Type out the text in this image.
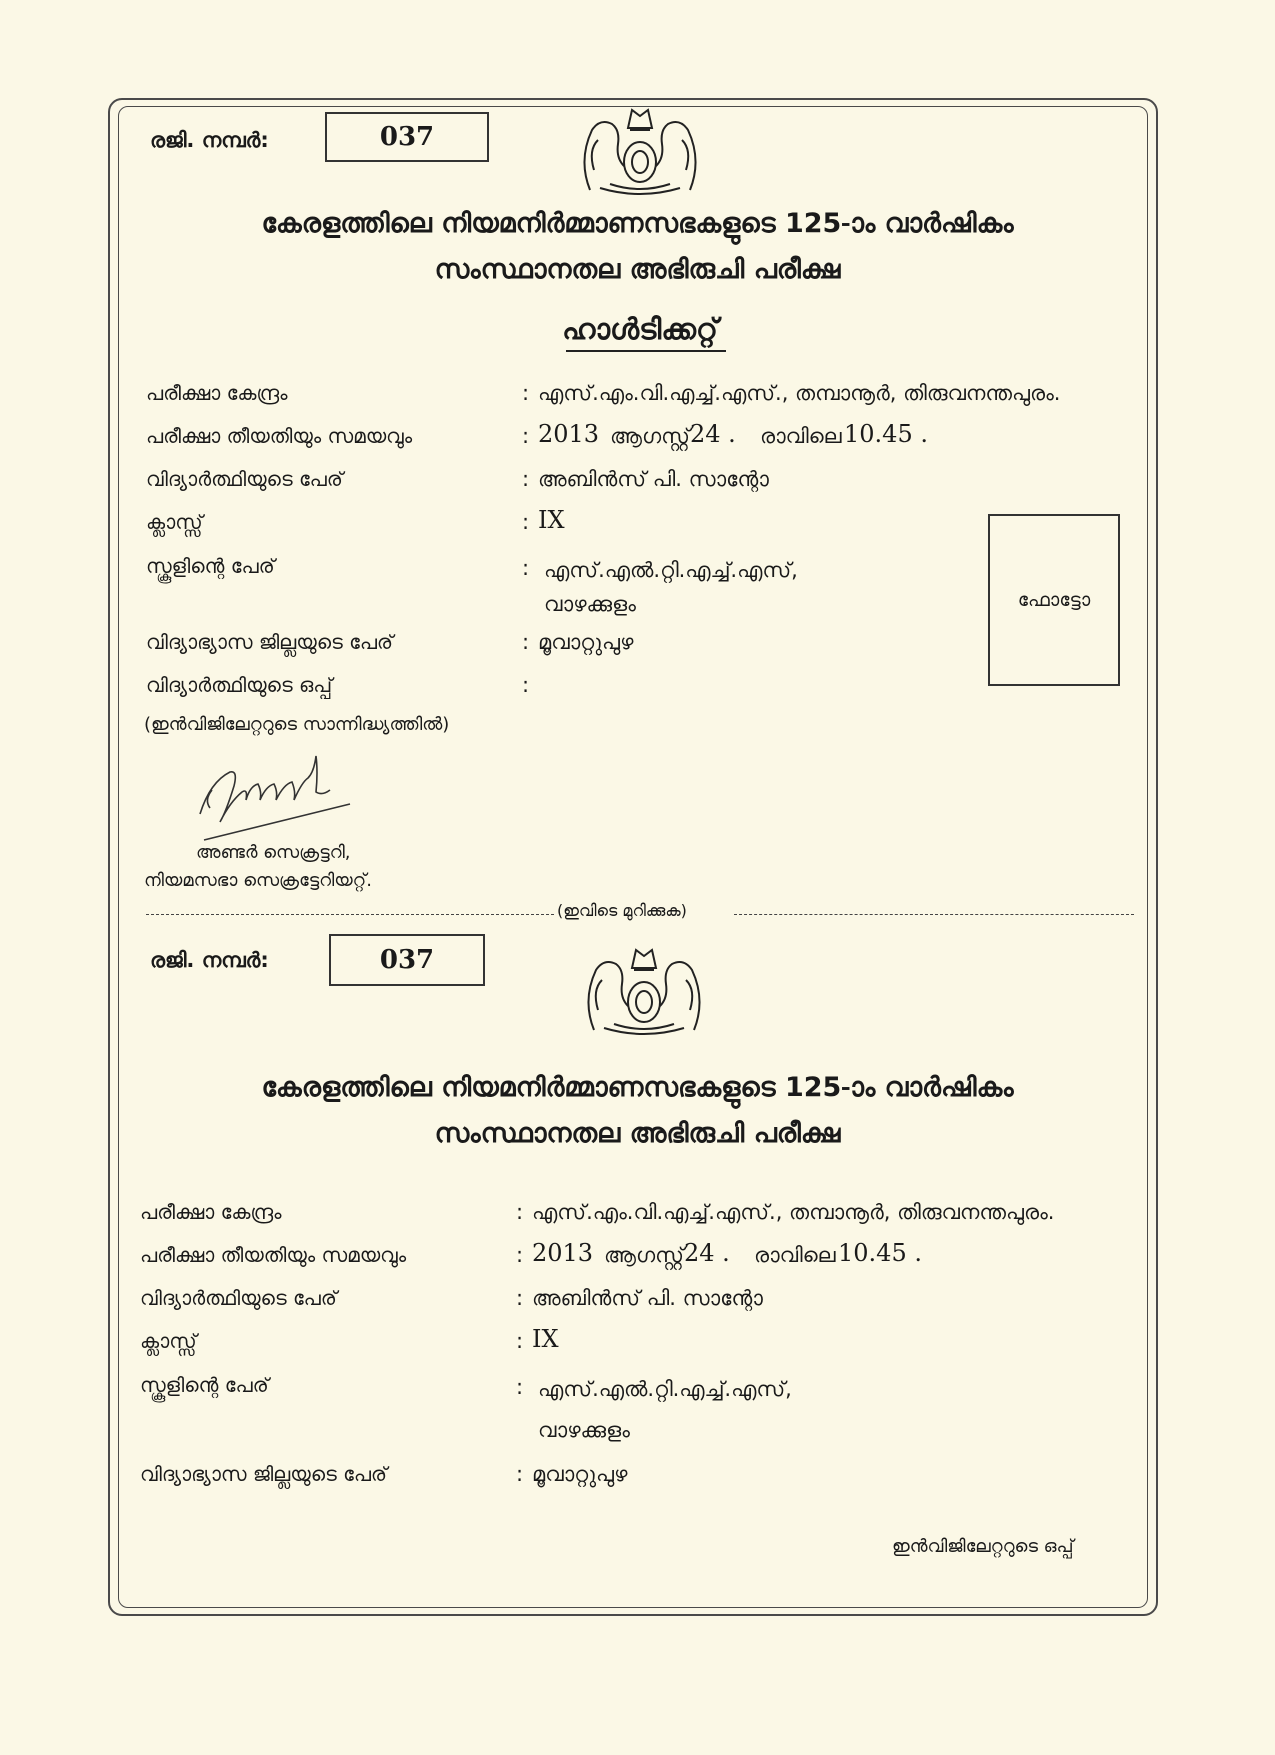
രജി. നമ്പർ:	037
കേരളത്തിലെ നിയമനിർമ്മാണസഭകളുടെ 125-ാം വാർഷികം
സംസ്ഥാനതല അഭിരുചി പരീക്ഷ
ഹാൾടിക്കറ്റ്
പരീക്ഷാ കേന്ദ്രം	: എസ്.എം.വി.എച്ച്.എസ്., തമ്പാനൂർ, തിരുവനന്തപുരം.
പരീക്ഷാ തീയതിയും സമയവും	: 2013 ആഗസ്റ്റ് 24 . രാവിലെ 10.45 .
വിദ്യാർത്ഥിയുടെ പേര്	: അബിൻസ് പി. സാന്റോ
ക്ലാസ്സ്	: IX
സ്കൂളിന്റെ പേര്	: എസ്.എൽ.റ്റി.എച്ച്.എസ്,
വാഴക്കുളം
വിദ്യാഭ്യാസ ജില്ലയുടെ പേര്	: മൂവാറ്റുപുഴ
വിദ്യാർത്ഥിയുടെ ഒപ്പ്	:
(ഇൻവിജിലേറ്ററുടെ സാന്നിദ്ധ്യത്തിൽ)
ഫോട്ടോ
അണ്ടർ സെക്രട്ടറി,
നിയമസഭാ സെക്രട്ടേറിയറ്റ്.
(ഇവിടെ മുറിക്കുക)
രജി. നമ്പർ:	037
കേരളത്തിലെ നിയമനിർമ്മാണസഭകളുടെ 125-ാം വാർഷികം
സംസ്ഥാനതല അഭിരുചി പരീക്ഷ
പരീക്ഷാ കേന്ദ്രം	: എസ്.എം.വി.എച്ച്.എസ്., തമ്പാനൂർ, തിരുവനന്തപുരം.
പരീക്ഷാ തീയതിയും സമയവും	: 2013 ആഗസ്റ്റ് 24 . രാവിലെ 10.45 .
വിദ്യാർത്ഥിയുടെ പേര്	: അബിൻസ് പി. സാന്റോ
ക്ലാസ്സ്	: IX
സ്കൂളിന്റെ പേര്	: എസ്.എൽ.റ്റി.എച്ച്.എസ്,
വാഴക്കുളം
വിദ്യാഭ്യാസ ജില്ലയുടെ പേര്	: മൂവാറ്റുപുഴ
ഇൻവിജിലേറ്ററുടെ ഒപ്പ്
